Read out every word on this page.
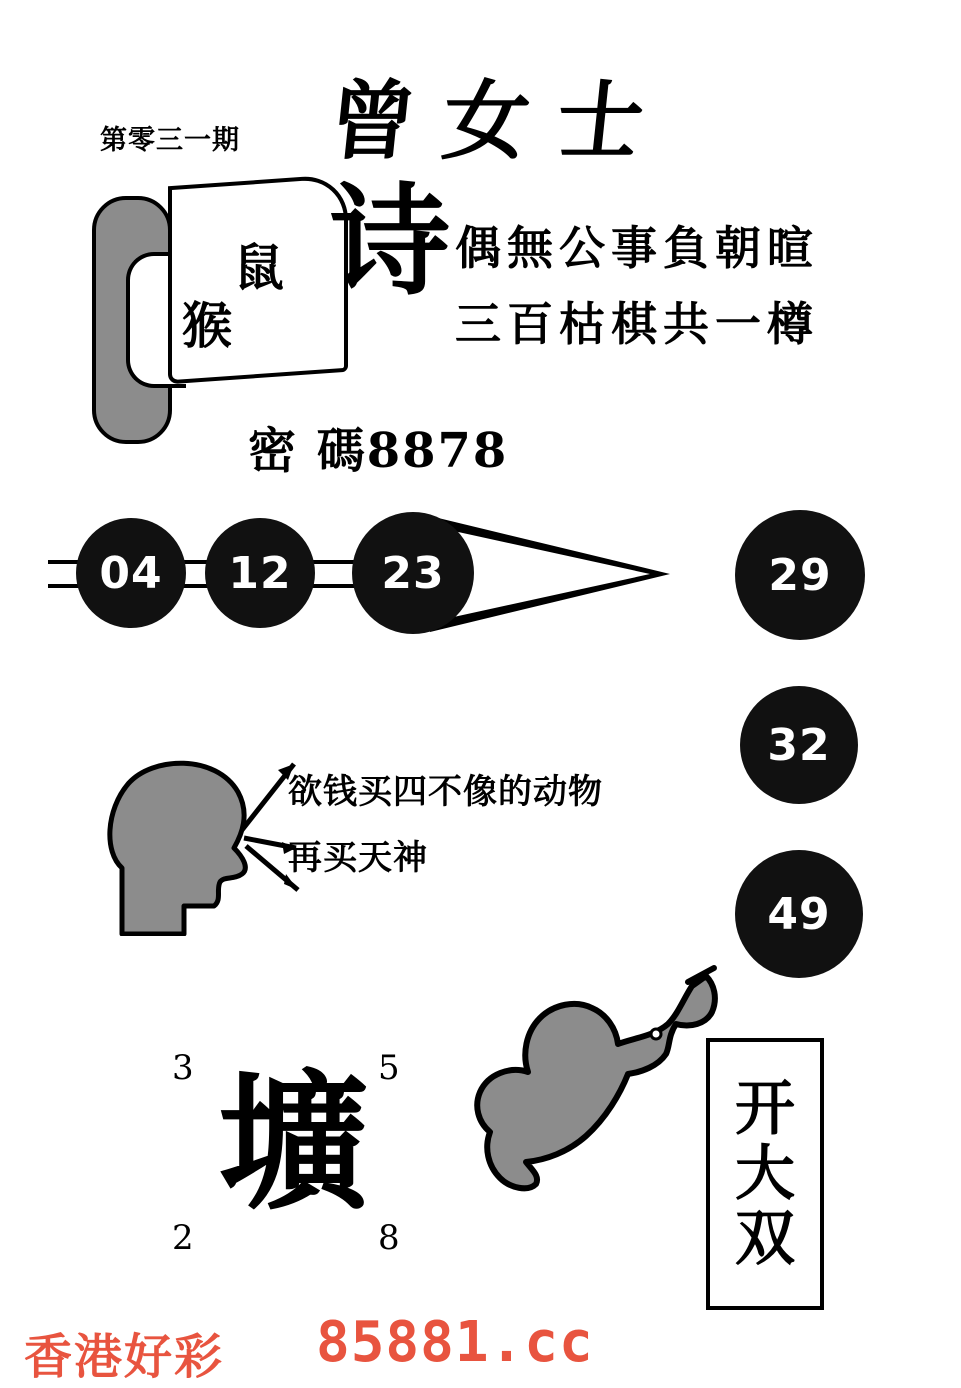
第零三一期 曾女士
鼠
猴
诗 偶無公事負朝暄
三百枯棋共一樽
密 碼8878
04	12	23	29
32
49
欲钱买四不像的动物
再买天神
3	5
2	8
壙	开
大
双
香港好彩 85881.cc
